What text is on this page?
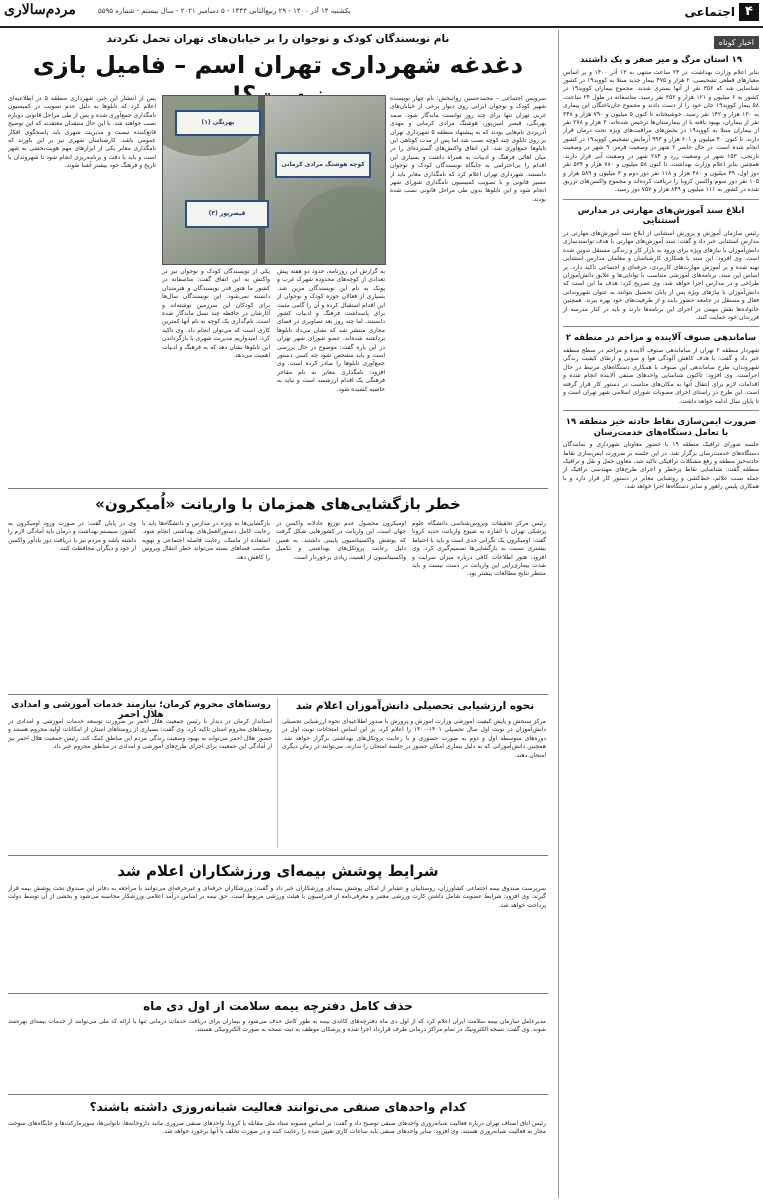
۴
اجتماعی
یکشنبه ۱۴ آذر ۱۴۰۰ - ۲۹ ربیع‌الثانی ۱۴۴۳ - ۵ دسامبر ۲۰۲۱ - سال بیستم - شماره ۵۵۹۵
مردم‌سالاری
اخبار کوتاه
۱۹ استان مرگ و میر صفر و یک داشتند

بنابر اعلام وزارت بهداشت، در ۲۴ ساعت منتهی به ۱۳ آذر ۱۴۰۰ و بر اساس معیارهای قطعی تشخیصی، ۲ هزار و ۴۷۵ بیمار جدید مبتلا به کووید۱۹ در کشور شناسایی شد که ۳۵۶ نفر از آنها بستری شدند. مجموع بیماران کووید۱۹ در کشور به ۶ میلیون و ۱۲۱ هزار و ۳۵۲ نفر رسید. متاسفانه در طول ۲۴ ساعت، ۵۸ بیمار کووید۱۹ جان خود را از دست دادند و مجموع جان‌باختگان این بیماری به ۱۳۰ هزار و ۱۴۲ نفر رسید. خوشبختانه تا کنون ۵ میلیون و ۷۹۰ هزار و ۳۴۸ نفر از بیماران، بهبود یافته یا از بیمارستان‌ها ترخیص شده‌اند. ۳ هزار و ۲۷۸ نفر از بیماران مبتلا به کووید۱۹ در بخش‌های مراقبت‌های ویژه تحت درمان قرار دارند. تا کنون ۴۰ میلیون و ۶۰۱ هزار و ۹۹۳ آزمایش تشخیص کووید۱۹ در کشور انجام شده است. در حال حاضر ۲ شهر در وضعیت قرمز، ۹ شهر در وضعیت نارنجی، ۱۵۳ شهر در وضعیت زرد و ۲۸۴ شهر در وضعیت آبی قرار دارند. همچنین بنابر اعلام وزارت بهداشت، تا کنون ۵۸ میلیون و ۷۸۰ هزار و ۵۳۴ نفر دوز اول، ۴۹ میلیون و ۴۸۰ هزار و ۱۱۸ نفر دوز دوم و ۳ میلیون و ۵۸۹ هزار و ۱۰۵ نفر دوز سوم واکسن کرونا را دریافت کرده‌اند و مجموع واکسن‌های تزریق شده در کشور به ۱۱۱ میلیون و ۸۴۹ هزار و ۷۵۷ دوز رسید.

ابلاغ سند آموزش‌های مهارتی در مدارس استثنایی

رئیس سازمان آموزش و پرورش استثنایی از ابلاغ سند آموزش‌های مهارتی در مدارس استثنایی خبر داد و گفت: سند آموزش‌های مهارتی با هدف توانمندسازی دانش‌آموزان با نیازهای ویژه برای ورود به بازار کار و زندگی مستقل تدوین شده است. وی افزود: این سند با همکاری کارشناسان و معلمان مدارس استثنایی تهیه شده و بر آموزش مهارت‌های کاربردی، حرفه‌ای و اجتماعی تاکید دارد. بر اساس این سند، برنامه‌های آموزشی متناسب با توانایی‌ها و علایق دانش‌آموزان طراحی و در مدارس اجرا خواهد شد. وی تصریح کرد: هدف ما این است که دانش‌آموزان با نیازهای ویژه پس از پایان تحصیل بتوانند به عنوان شهروندانی فعال و مستقل در جامعه حضور یابند و از ظرفیت‌های خود بهره ببرند. همچنین خانواده‌ها نقش مهمی در اجرای این برنامه‌ها دارند و باید در کنار مدرسه از فرزندان خود حمایت کنند.

ساماندهی صنوف آلاینده و مزاحم در منطقه ۲

شهردار منطقه ۲ تهران از ساماندهی صنوف آلاینده و مزاحم در سطح منطقه خبر داد و گفت: با هدف کاهش آلودگی هوا و صوتی و ارتقای کیفیت زندگی شهروندان، طرح ساماندهی این صنوف با همکاری دستگاه‌های مرتبط در حال اجراست. وی افزود: تاکنون شناسایی واحدهای صنفی آلاینده انجام شده و اقدامات لازم برای انتقال آنها به مکان‌های مناسب در دستور کار قرار گرفته است. این طرح در راستای اجرای مصوبات شورای اسلامی شهر تهران است و تا پایان سال ادامه خواهد داشت.

ضرورت ایمن‌سازی نقاط حادثه خیز منطقه ۱۹ با تعامل دستگاه‌های خدمت‌رسان

جلسه شورای ترافیک منطقه ۱۹ با حضور معاونان شهرداری و نمایندگان دستگاه‌های خدمت‌رسان برگزار شد. در این جلسه بر ضرورت ایمن‌سازی نقاط حادثه‌خیز منطقه و رفع مشکلات ترافیکی تاکید شد. معاون حمل و نقل و ترافیک منطقه گفت: شناسایی نقاط پرخطر و اجرای طرح‌های مهندسی ترافیک از جمله نصب علائم، خط‌کشی و روشنایی معابر در دستور کار قرار دارد و با همکاری پلیس راهور و سایر دستگاه‌ها اجرا خواهد شد.

نام نویسندگان کودک و نوجوان را بر خیابان‌های تهران تحمل نکردند
دغدغه شهرداری تهران اسم – فامیل بازی
بهرنگی (۱)
کوچه هوشنگ مرادی کرمانی
قیصرپور (۳)

سرویس اجتماعی – محمدحسین روانبخش: نام چهار نویسنده شهیر کودک و نوجوان ایرانی روی دیوار برخی از خیابان‌های غربی تهران تنها برای چند روز توانست ماندگار شود. صمد بهرنگی، قیصر امین‌پور، هوشنگ مرادی کرمانی و مهدی آذریزدی نام‌هایی بودند که به پیشنهاد منطقه ۵ شهرداری تهران بر روی تابلوی چند کوچه نصب شد اما پس از مدت کوتاهی این تابلوها جمع‌آوری شد. این اتفاق واکنش‌های گسترده‌ای را در میان اهالی فرهنگ و ادبیات به همراه داشت و بسیاری این اقدام را بی‌احترامی به جایگاه نویسندگان کودک و نوجوان دانستند. شهرداری تهران اعلام کرد که نامگذاری معابر باید از مسیر قانونی و با تصویب کمیسیون نامگذاری شورای شهر انجام شود و این تابلوها بدون طی مراحل قانونی نصب شده بودند.

به گزارش این روزنامه، حدود دو هفته پیش تعدادی از کوچه‌های محدوده شهرک غرب و پونک به نام این نویسندگان مزین شد. بسیاری از فعالان حوزه کودک و نوجوان از این اقدام استقبال کرده و آن را گامی مثبت برای پاسداشت فرهنگ و ادبیات کشور دانستند. اما چند روز بعد تصاویری در فضای مجازی منتشر شد که نشان می‌داد تابلوها برداشته شده‌اند. عضو شورای شهر تهران در این باره گفت: موضوع در حال بررسی است و باید مشخص شود چه کسی دستور جمع‌آوری تابلوها را صادر کرده است. وی افزود: نامگذاری معابر به نام مفاخر فرهنگی یک اقدام ارزشمند است و نباید به حاشیه کشیده شود.

یکی از نویسندگان کودک و نوجوان نیز در واکنش به این اتفاق گفت: متاسفانه در کشور ما هنوز قدر نویسندگان و هنرمندان دانسته نمی‌شود. این نویسندگان سال‌ها برای کودکان این سرزمین نوشته‌اند و آثارشان در حافظه چند نسل ماندگار شده است. نام‌گذاری یک کوچه به نام آنها کمترین کاری است که می‌توان انجام داد. وی تاکید کرد: امیدواریم مدیریت شهری با بازگرداندن این تابلوها نشان دهد که به فرهنگ و ادبیات اهمیت می‌دهد.

پس از انتشار این خبر، شهرداری منطقه ۵ در اطلاعیه‌ای اعلام کرد که تابلوها به دلیل عدم تصویب در کمیسیون نامگذاری جمع‌آوری شده و پس از طی مراحل قانونی دوباره نصب خواهند شد. با این حال منتقدان معتقدند که این توضیح قانع‌کننده نیست و مدیریت شهری باید پاسخگوی افکار عمومی باشد. کارشناسان شهری نیز بر این باورند که نامگذاری معابر یکی از ابزارهای مهم هویت‌بخشی به شهر است و باید با دقت و برنامه‌ریزی انجام شود تا شهروندان با تاریخ و فرهنگ خود بیشتر آشنا شوند.

خطر بازگشایی‌های همزمان با واریانت «اُمیکرون»

رئیس مرکز تحقیقات ویروس‌شناسی دانشگاه علوم پزشکی تهران با اشاره به شیوع واریانت جدید کرونا گفت: اومیکرون یک نگرانی جدی است و باید با احتیاط بیشتری نسبت به بازگشایی‌ها تصمیم‌گیری کرد. وی افزود: هنوز اطلاعات کافی درباره میزان سرایت و شدت بیماری‌زایی این واریانت در دست نیست و باید منتظر نتایج مطالعات بیشتر بود.

اومیکرون محصول عدم توزیع عادلانه واکسن در جهان است. این واریانت در کشورهایی شکل گرفت که پوشش واکسیناسیون پایینی داشتند. به همین دلیل رعایت پروتکل‌های بهداشتی و تکمیل واکسیناسیون از اهمیت زیادی برخوردار است.

بازگشایی‌ها به ویژه در مدارس و دانشگاه‌ها باید با رعایت کامل دستورالعمل‌های بهداشتی انجام شود. استفاده از ماسک، رعایت فاصله اجتماعی و تهویه مناسب فضاهای بسته می‌تواند خطر انتقال ویروس را کاهش دهد.

وی در پایان گفت: در صورت ورود اومیکرون به کشور، سیستم بهداشت و درمان باید آمادگی لازم را داشته باشد و مردم نیز با دریافت دوز یادآور واکسن از خود و دیگران محافظت کنند.

نحوه ارزشیابی تحصیلی دانش‌آموزان اعلام شد

مرکز سنجش و پایش کیفیت آموزشی وزارت آموزش و پرورش با صدور اطلاعیه‌ای نحوه ارزشیابی تحصیلی دانش‌آموزان در نوبت اول سال تحصیلی ۱۴۰۱-۱۴۰۰ را اعلام کرد. بر این اساس امتحانات نوبت اول در دوره‌های متوسطه اول و دوم به صورت حضوری و با رعایت پروتکل‌های بهداشتی برگزار خواهد شد. همچنین دانش‌آموزانی که به دلیل بیماری امکان حضور در جلسه امتحان را ندارند، می‌توانند در زمان دیگری امتحان دهند.

روستاهای محروم کرمان؛ نیازمند خدمات آموزشی و امدادی هلال احمر

استاندار کرمان در دیدار با رئیس جمعیت هلال احمر بر ضرورت توسعه خدمات آموزشی و امدادی در روستاهای محروم استان تاکید کرد. وی گفت: بسیاری از روستاهای استان از امکانات اولیه محروم هستند و حضور هلال احمر می‌تواند به بهبود وضعیت زندگی مردم این مناطق کمک کند. رئیس جمعیت هلال احمر نیز از آمادگی این جمعیت برای اجرای طرح‌های آموزشی و امدادی در مناطق محروم خبر داد.

شرایط پوشش بیمه‌ای ورزشکاران اعلام شد

سرپرست صندوق بیمه اجتماعی کشاورزان، روستاییان و عشایر از امکان پوشش بیمه‌ای ورزشکاران خبر داد و گفت: ورزشکاران حرفه‌ای و غیرحرفه‌ای می‌توانند با مراجعه به دفاتر این صندوق تحت پوشش بیمه قرار گیرند. وی افزود: شرایط عضویت شامل داشتن کارت ورزشی معتبر و معرفی‌نامه از فدراسیون یا هیئت ورزشی مربوط است. حق بیمه بر اساس درآمد اعلامی ورزشکار محاسبه می‌شود و بخشی از آن توسط دولت پرداخت خواهد شد.

حذف کامل دفترچه بیمه سلامت از اول دی ماه

مدیرعامل سازمان بیمه سلامت ایران اعلام کرد که از اول دی ماه دفترچه‌های کاغذی بیمه به طور کامل حذف می‌شود و بیماران برای دریافت خدمات درمانی تنها با ارائه کد ملی می‌توانند از خدمات بیمه‌ای بهره‌مند شوند. وی گفت: نسخه الکترونیک در تمام مراکز درمانی طرف قرارداد اجرا شده و پزشکان موظف به ثبت نسخه به صورت الکترونیکی هستند.

کدام واحدهای صنفی می‌توانند فعالیت شبانه‌روزی داشته باشند؟

رئیس اتاق اصناف تهران درباره فعالیت شبانه‌روزی واحدهای صنفی توضیح داد و گفت: بر اساس مصوبه ستاد ملی مقابله با کرونا، واحدهای صنفی ضروری مانند داروخانه‌ها، نانوایی‌ها، سوپرمارکت‌ها و جایگاه‌های سوخت مجاز به فعالیت شبانه‌روزی هستند. وی افزود: سایر واحدهای صنفی باید ساعات کاری تعیین شده را رعایت کنند و در صورت تخلف با آنها برخورد خواهد شد.
